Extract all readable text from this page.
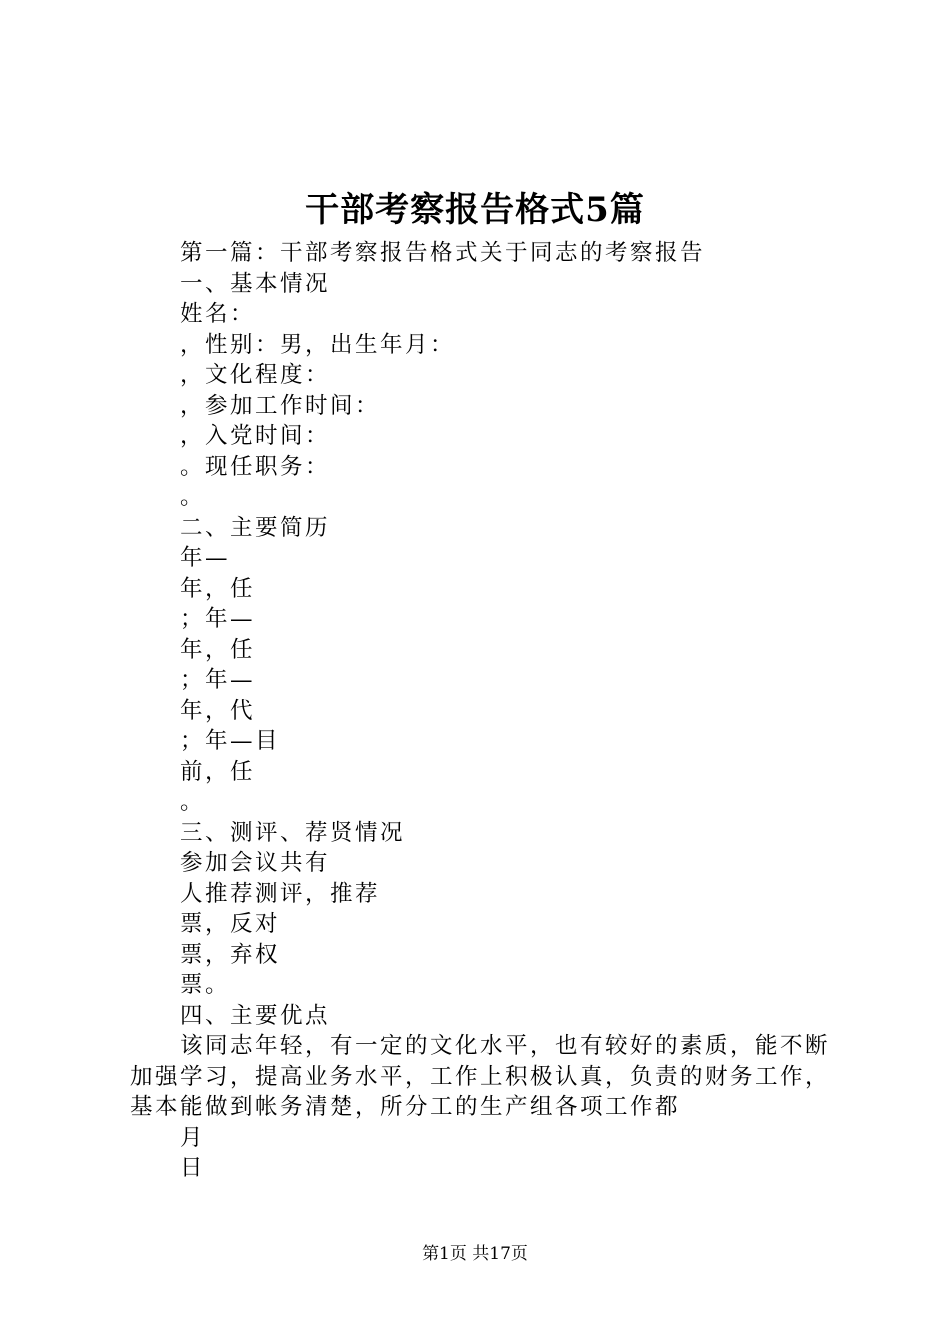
干部考察报告格式5篇
第一篇：干部考察报告格式关于同志的考察报告
一、基本情况
姓名：
，性别：男，出生年月：
，文化程度：
，参加工作时间：
，入党时间：
。现任职务：
。
二、主要简历
年—
年，任
；年—
年，任
；年—
年，代
；年—目
前，任
。
三、测评、荐贤情况
参加会议共有
人推荐测评，推荐
票，反对
票，弃权
票。
四、主要优点

该同志年轻，有一定的文化水平，也有较好的素质，能不断加强学习，提高业务水平，工作上积极认真，负责的财务工作，基本能做到帐务清楚，所分工的生产组各项工作都

月
日
第1页 共17页
